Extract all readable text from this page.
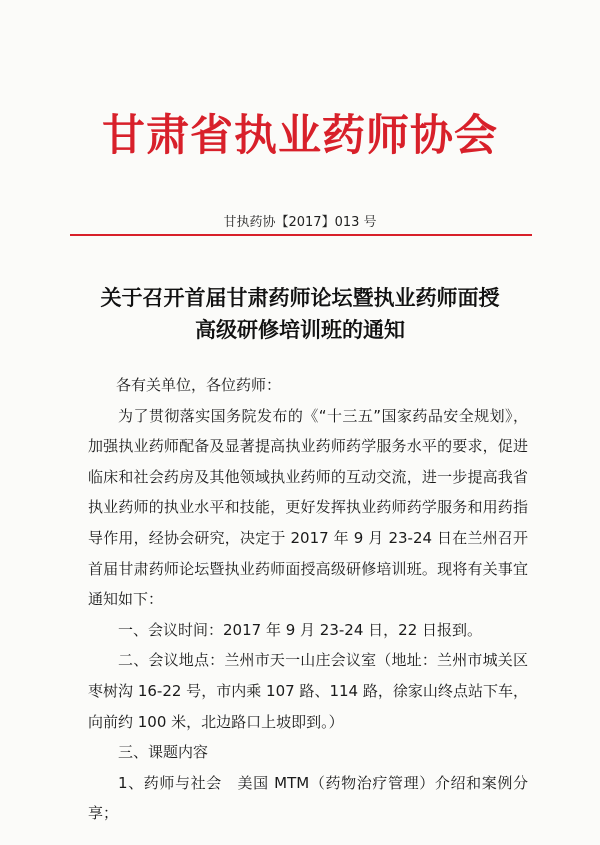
甘肃省执业药师协会
甘执药协【2017】013 号
关于召开首届甘肃药师论坛暨执业药师面授
高级研修培训班的通知

各有关单位，各位药师：

为了贯彻落实国务院发布的《“十三五”国家药品安全规划》，加强执业药师配备及显著提高执业药师药学服务水平的要求，促进临床和社会药房及其他领域执业药师的互动交流，进一步提高我省执业药师的执业水平和技能，更好发挥执业药师药学服务和用药指导作用，经协会研究，决定于 2017 年 9 月 23-24 日在兰州召开首届甘肃药师论坛暨执业药师面授高级研修培训班。现将有关事宜通知如下：

一、会议时间：2017 年 9 月 23-24 日，22 日报到。

二、会议地点：兰州市天一山庄会议室（地址：兰州市城关区枣树沟 16-22 号，市内乘 107 路、114 路，徐家山终点站下车，向前约 100 米，北边路口上坡即到。）

三、课题内容

1、药师与社会　美国 MTM（药物治疗管理）介绍和案例分享；
